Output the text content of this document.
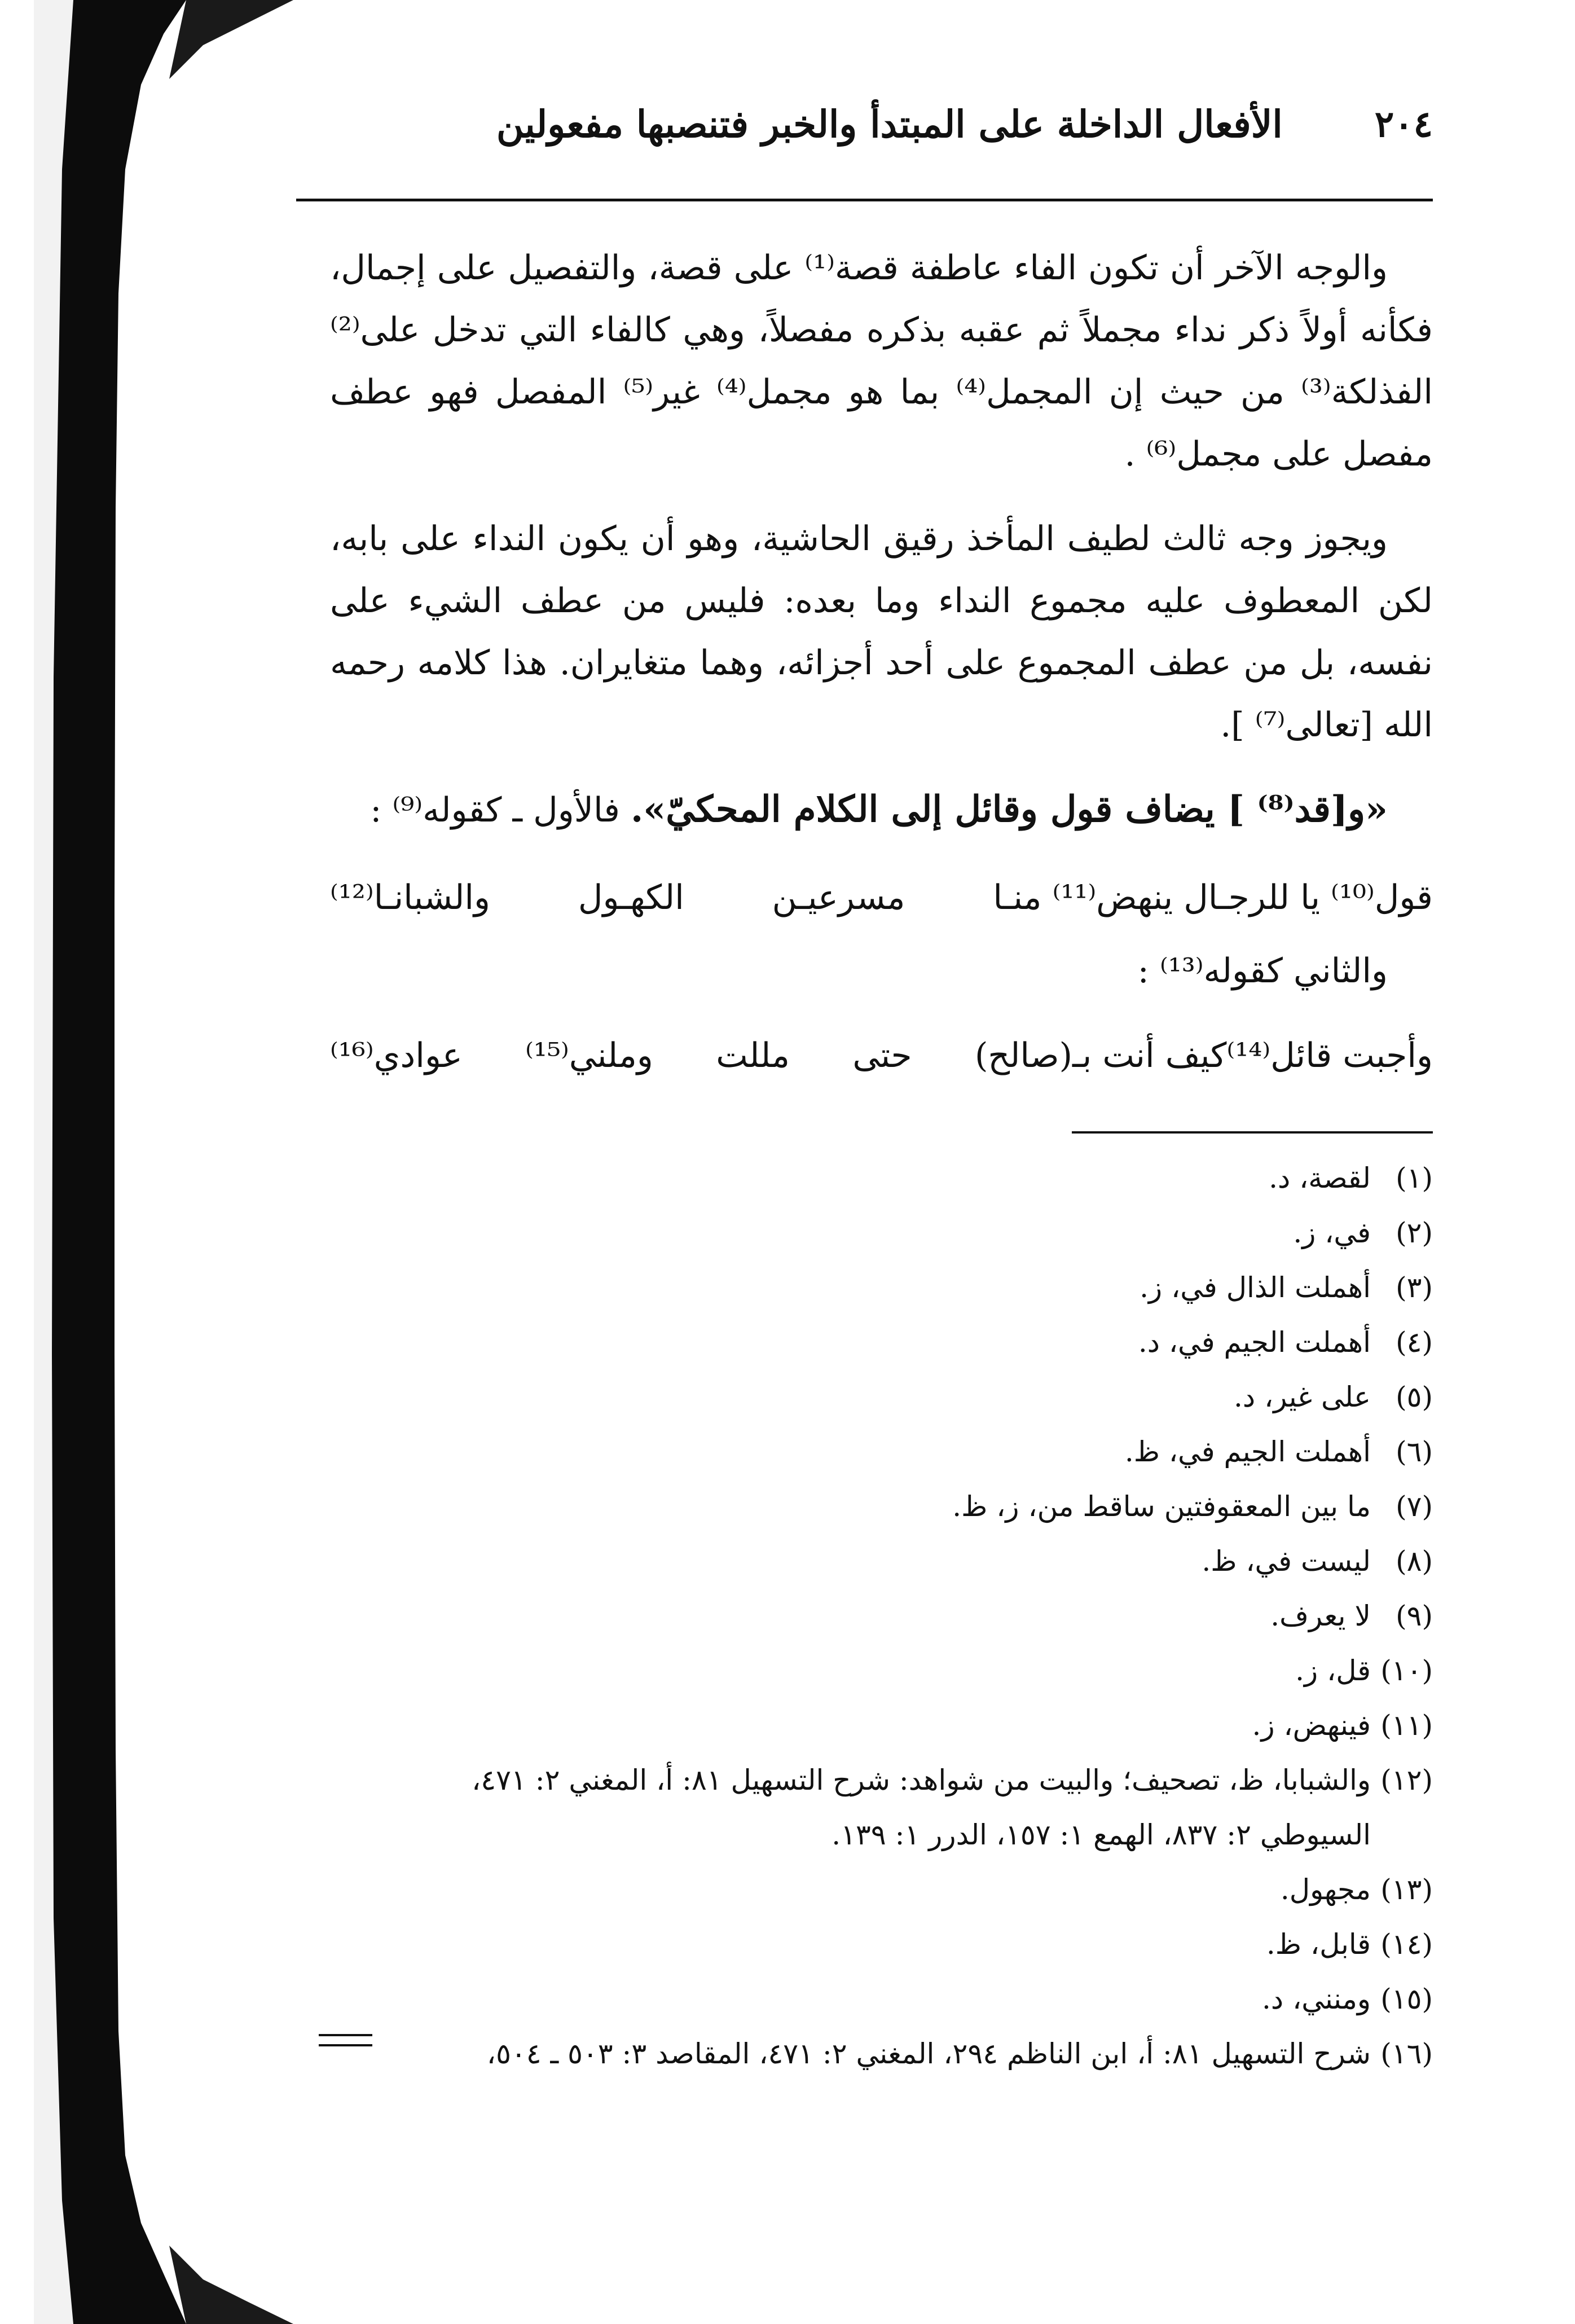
٢٠٤
الأفعال الداخلة على المبتدأ والخبر فتنصبها مفعولين

والوجه الآخر أن تكون الفاء عاطفة قصة⁽¹⁾ على قصة، والتفصيل على إجمال، فكأنه أولاً ذكر نداء مجملاً ثم عقبه بذكره مفصلاً، وهي كالفاء التي تدخل على⁽²⁾ الفذلكة⁽³⁾ من حيث إن المجمل⁽⁴⁾ بما هو مجمل⁽⁴⁾ غير⁽⁵⁾ المفصل فهو عطف مفصل على مجمل⁽⁶⁾ .

ويجوز وجه ثالث لطيف المأخذ رقيق الحاشية، وهو أن يكون النداء على بابه، لكن المعطوف عليه مجموع النداء وما بعده: فليس من عطف الشيء على نفسه، بل من عطف المجموع على أحد أجزائه، وهما متغايران. هذا كلامه رحمه الله [تعالى⁽⁷⁾ ].

«و[قد⁽⁸⁾ ] يضاف قول وقائل إلى الكلام المحكيّ». فالأول ـ كقوله⁽⁹⁾ :

قول⁽¹⁰⁾ يا للرجـال ينهض⁽¹¹⁾ منـا
مسرعيـن
الكهـول
والشبانـا⁽¹²⁾
والثاني كقوله⁽¹³⁾ :
وأجبت قائل⁽¹⁴⁾كيف أنت بـ(صالح)
حتى
مللت
وملني⁽¹⁵⁾
عوادي⁽¹⁶⁾
(١)لقصة، د.
(٢)في، ز.
(٣)أهملت الذال في، ز.
(٤)أهملت الجيم في، د.
(٥)على غير، د.
(٦)أهملت الجيم في، ظ.
(٧)ما بين المعقوفتين ساقط من، ز، ظ.
(٨)ليست في، ظ.
(٩)لا يعرف.
(١٠)قل، ز.
(١١)فينهض، ز.
(١٢)والشبابا، ظ، تصحيف؛ والبيت من شواهد: شرح التسهيل ٨١: أ، المغني ٢: ٤٧١،
السيوطي ٢: ٨٣٧، الهمع ١: ١٥٧، الدرر ١: ١٣٩.
(١٣)مجهول.
(١٤)قابل، ظ.
(١٥)ومنني، د.
(١٦)شرح التسهيل ٨١: أ، ابن الناظم ٢٩٤، المغني ٢: ٤٧١، المقاصد ٣: ٥٠٣ ـ ٥٠٤،
